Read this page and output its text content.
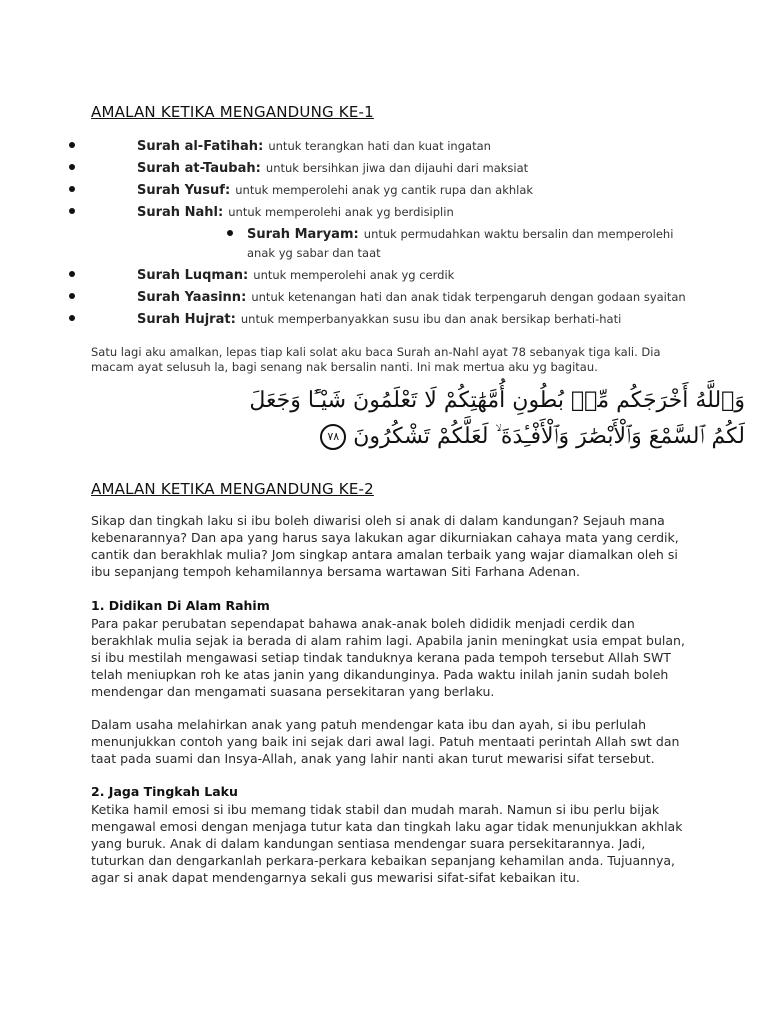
AMALAN KETIKA MENGANDUNG KE-1
Surah al-Fatihah: untuk terangkan hati dan kuat ingatan
Surah at-Taubah: untuk bersihkan jiwa dan dijauhi dari maksiat
Surah Yusuf: untuk memperolehi anak yg cantik rupa dan akhlak
Surah Nahl: untuk memperolehi anak yg berdisiplin
Surah Maryam: untuk permudahkan waktu bersalin dan memperolehi
anak yg sabar dan taat
Surah Luqman: untuk memperolehi anak yg cerdik
Surah Yaasinn: untuk ketenangan hati dan anak tidak terpengaruh dengan godaan syaitan
Surah Hujrat: untuk memperbanyakkan susu ibu dan anak bersikap berhati-hati
Satu lagi aku amalkan, lepas tiap kali solat aku baca Surah an-Nahl ayat 78 sebanyak tiga kali. Dia
macam ayat selusuh la, bagi senang nak bersalin nanti. Ini mak mertua aku yg bagitau.
وَٱللَّهُ أَخْرَجَكُم مِّنۢ بُطُونِ أُمَّهَٰتِكُمْ لَا تَعْلَمُونَ شَيْـًٔا وَجَعَلَ
لَكُمُ ٱلسَّمْعَ وَٱلْأَبْصَٰرَ وَٱلْأَفْـِٔدَةَ ۙ لَعَلَّكُمْ تَشْكُرُونَ ٧٨
AMALAN KETIKA MENGANDUNG KE-2
Sikap dan tingkah laku si ibu boleh diwarisi oleh si anak di dalam kandungan? Sejauh mana
kebenarannya? Dan apa yang harus saya lakukan agar dikurniakan cahaya mata yang cerdik,
cantik dan berakhlak mulia? Jom singkap antara amalan terbaik yang wajar diamalkan oleh si
ibu sepanjang tempoh kehamilannya bersama wartawan Siti Farhana Adenan.
1. Didikan Di Alam Rahim
Para pakar perubatan sependapat bahawa anak-anak boleh dididik menjadi cerdik dan
berakhlak mulia sejak ia berada di alam rahim lagi. Apabila janin meningkat usia empat bulan,
si ibu mestilah mengawasi setiap tindak tanduknya kerana pada tempoh tersebut Allah SWT
telah meniupkan roh ke atas janin yang dikandunginya. Pada waktu inilah janin sudah boleh
mendengar dan mengamati suasana persekitaran yang berlaku.
Dalam usaha melahirkan anak yang patuh mendengar kata ibu dan ayah, si ibu perlulah
menunjukkan contoh yang baik ini sejak dari awal lagi. Patuh mentaati perintah Allah swt dan
taat pada suami dan Insya-Allah, anak yang lahir nanti akan turut mewarisi sifat tersebut.
2. Jaga Tingkah Laku
Ketika hamil emosi si ibu memang tidak stabil dan mudah marah. Namun si ibu perlu bijak
mengawal emosi dengan menjaga tutur kata dan tingkah laku agar tidak menunjukkan akhlak
yang buruk. Anak di dalam kandungan sentiasa mendengar suara persekitarannya. Jadi,
tuturkan dan dengarkanlah perkara-perkara kebaikan sepanjang kehamilan anda. Tujuannya,
agar si anak dapat mendengarnya sekali gus mewarisi sifat-sifat kebaikan itu.
